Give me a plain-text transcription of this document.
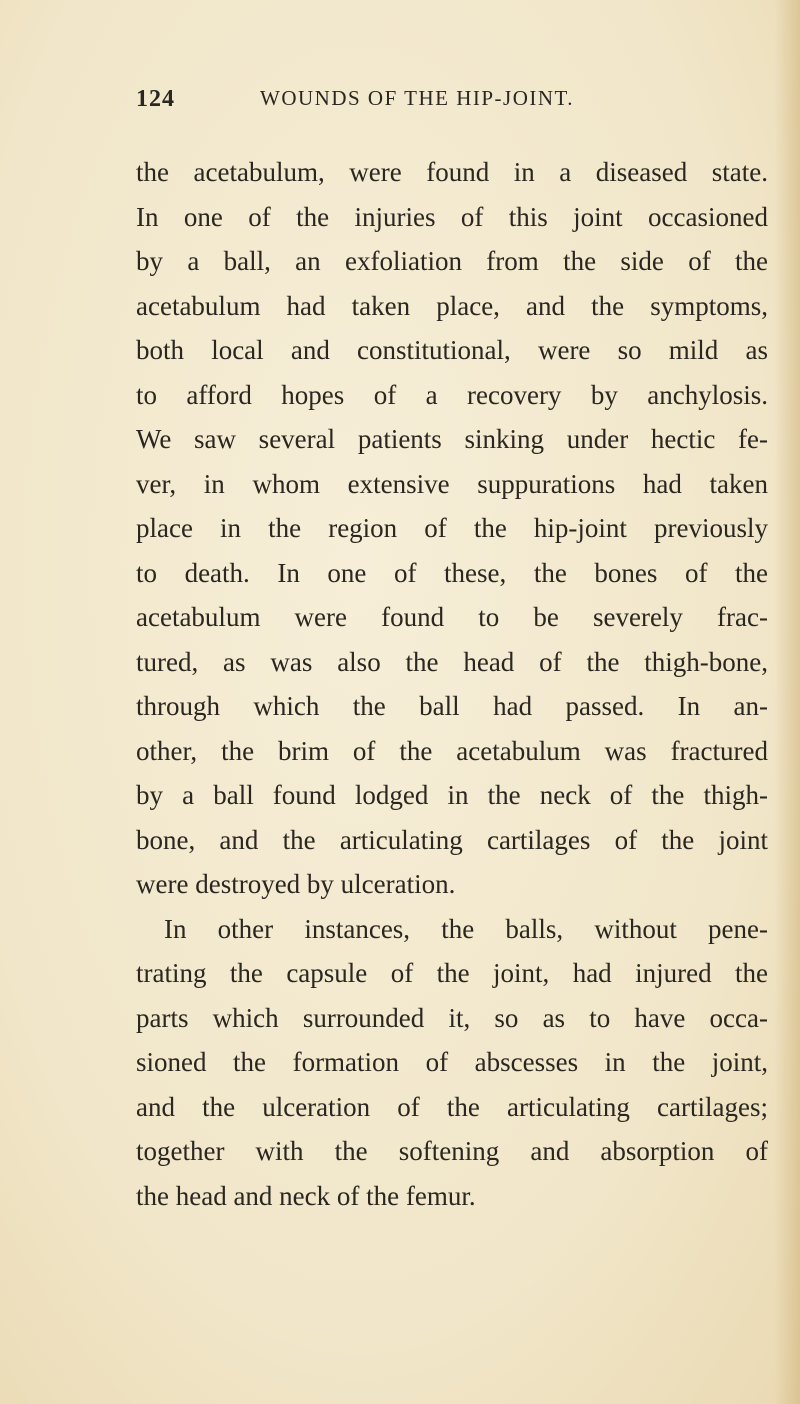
124	WOUNDS OF THE HIP-JOINT.
the acetabulum, were found in a diseased state.
In one of the injuries of this joint occasioned
by a ball, an exfoliation from the side of the
acetabulum had taken place, and the symptoms,
both local and constitutional, were so mild as
to afford hopes of a recovery by anchylosis.
We saw several patients sinking under hectic fe-
ver, in whom extensive suppurations had taken
place in the region of the hip-joint previously
to death. In one of these, the bones of the
acetabulum were found to be severely frac-
tured, as was also the head of the thigh-bone,
through which the ball had passed. In an-
other, the brim of the acetabulum was fractured
by a ball found lodged in the neck of the thigh-
bone, and the articulating cartilages of the joint
were destroyed by ulceration.
In other instances, the balls, without pene-
trating the capsule of the joint, had injured the
parts which surrounded it, so as to have occa-
sioned the formation of abscesses in the joint,
and the ulceration of the articulating cartilages;
together with the softening and absorption of
the head and neck of the femur.
